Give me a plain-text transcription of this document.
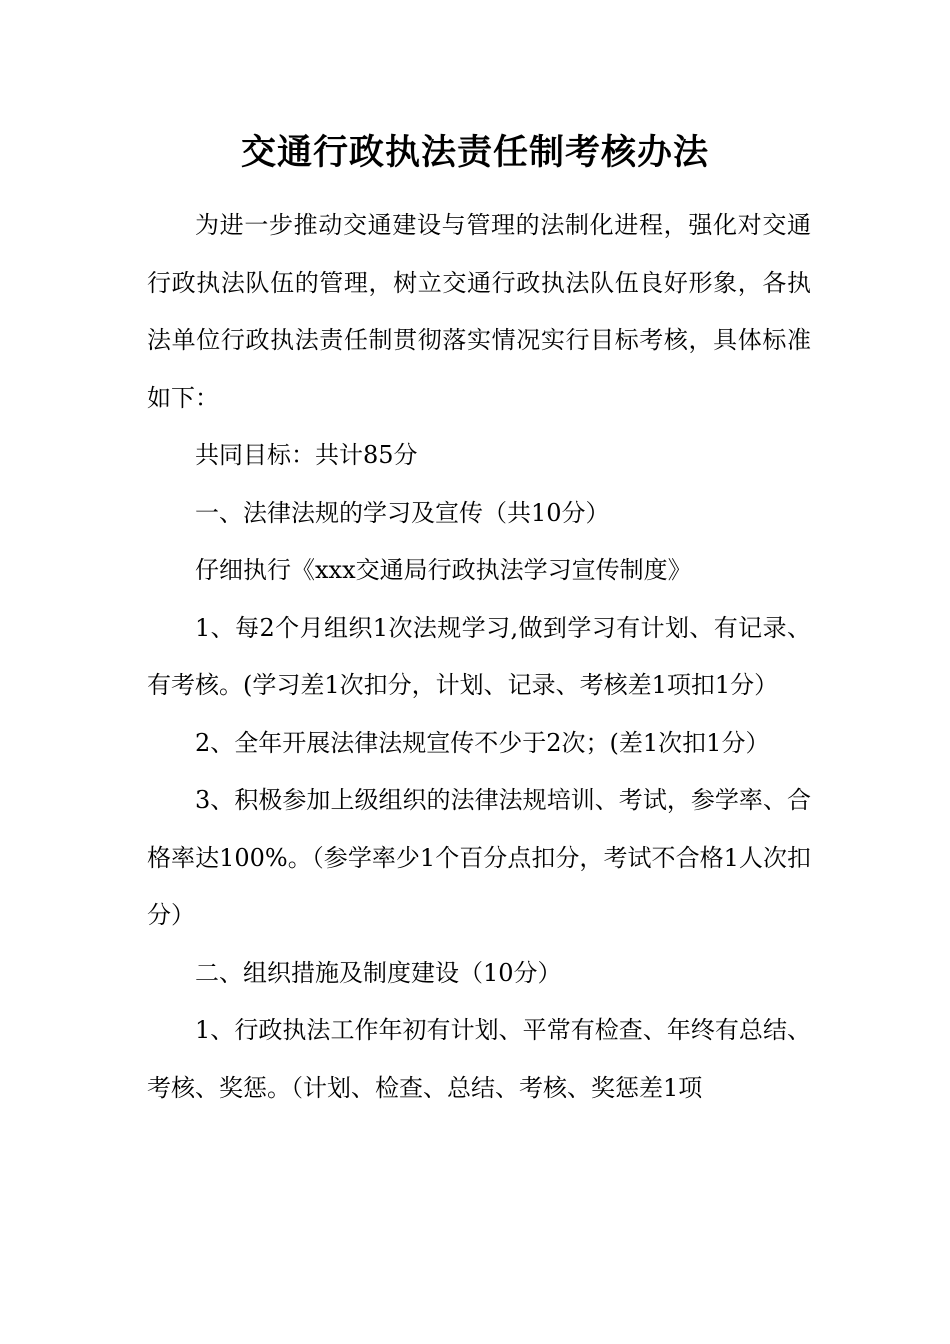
交通行政执法责任制考核办法

为进一步推动交通建设与管理的法制化进程，强化对交通行政执法队伍的管理，树立交通行政执法队伍良好形象，各执法单位行政执法责任制贯彻落实情况实行目标考核，具体标准如下：

共同目标：共计85分

一、法律法规的学习及宣传（共10分）

仔细执行《xxx交通局行政执法学习宣传制度》

1、每2个月组织1次法规学习,做到学习有计划、有记录、有考核。(学习差1次扣分，计划、记录、考核差1项扣1分）

2、全年开展法律法规宣传不少于2次；(差1次扣1分）

3、积极参加上级组织的法律法规培训、考试，参学率、合格率达100%。（参学率少1个百分点扣分，考试不合格1人次扣分）

二、组织措施及制度建设（10分）

1、行政执法工作年初有计划、平常有检查、年终有总结、考核、奖惩。（计划、检查、总结、考核、奖惩差1项
